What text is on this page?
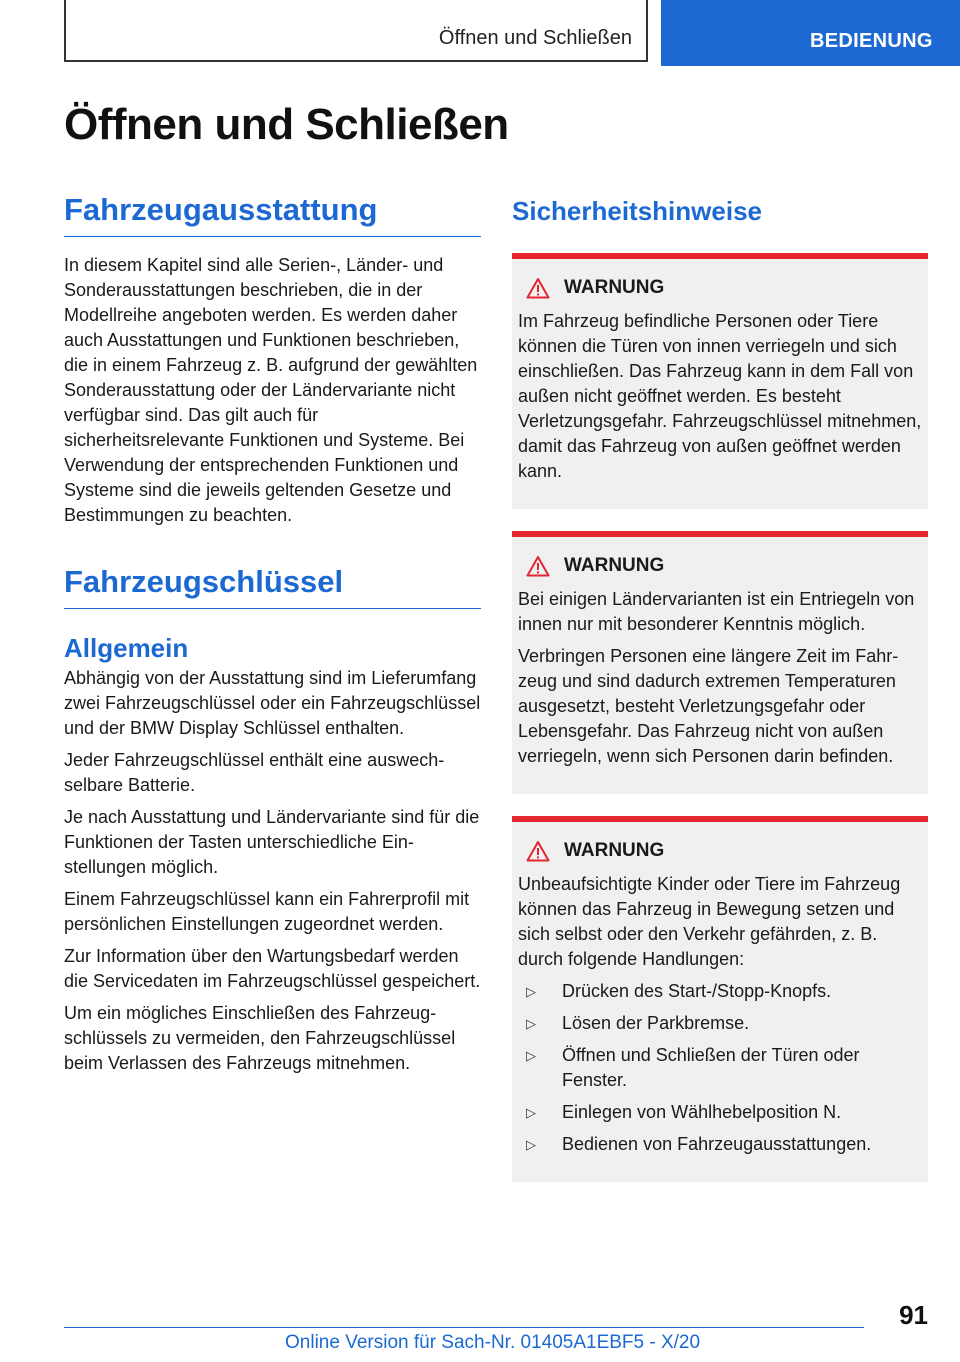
Öffnen und Schließen	BEDIENUNG
Öffnen und Schließen
Fahrzeugausstattung

In diesem Kapitel sind alle Serien-, Länder- und Sonderausstattungen beschrieben, die in der Modellreihe angeboten werden. Es werden daher auch Ausstattungen und Funktionen beschrieben, die in einem Fahrzeug z. B. aufgrund der gewählten Sonderausstattung oder der Ländervariante nicht verfügbar sind. Das gilt auch für sicherheitsrelevante Funktionen und Systeme. Bei Verwendung der entsprechenden Funktionen und Systeme sind die jeweils geltenden Gesetze und Bestimmungen zu beachten.

Fahrzeugschlüssel
Allgemein

Abhängig von der Ausstattung sind im Lieferumfang zwei Fahrzeugschlüssel oder ein Fahrzeugschlüssel und der BMW Display Schlüssel enthalten.

Jeder Fahrzeugschlüssel enthält eine auswechselbare Batterie.

Je nach Ausstattung und Ländervariante sind für die Funktionen der Tasten unterschiedliche Einstellungen möglich.

Einem Fahrzeugschlüssel kann ein Fahrerprofil mit persönlichen Einstellungen zugeordnet werden.

Zur Information über den Wartungsbedarf werden die Servicedaten im Fahrzeugschlüssel gespeichert.

Um ein mögliches Einschließen des Fahrzeugschlüssels zu vermeiden, den Fahrzeugschlüssel beim Verlassen des Fahrzeugs mitnehmen.

Sicherheitshinweise
WARNUNG

Im Fahrzeug befindliche Personen oder Tiere können die Türen von innen verriegeln und sich einschließen. Das Fahrzeug kann in dem Fall von außen nicht geöffnet werden. Es besteht Verletzungsgefahr. Fahrzeugschlüssel mitnehmen, damit das Fahrzeug von außen geöffnet werden kann.

WARNUNG

Bei einigen Ländervarianten ist ein Entriegeln von innen nur mit besonderer Kenntnis möglich.

Verbringen Personen eine längere Zeit im Fahrzeug und sind dadurch extremen Temperaturen ausgesetzt, besteht Verletzungsgefahr oder Lebensgefahr. Das Fahrzeug nicht von außen verriegeln, wenn sich Personen darin befinden.

WARNUNG

Unbeaufsichtigte Kinder oder Tiere im Fahrzeug können das Fahrzeug in Bewegung setzen und sich selbst oder den Verkehr gefährden, z. B. durch folgende Handlungen:

▷	Drücken des Start-/Stopp-Knopfs.
▷	Lösen der Parkbremse.
▷	Öffnen und Schließen der Türen oder Fenster.
▷	Einlegen von Wählhebelposition N.
▷	Bedienen von Fahrzeugausstattungen.
91
Online Version für Sach-Nr. 01405A1EBF5 - X/20
